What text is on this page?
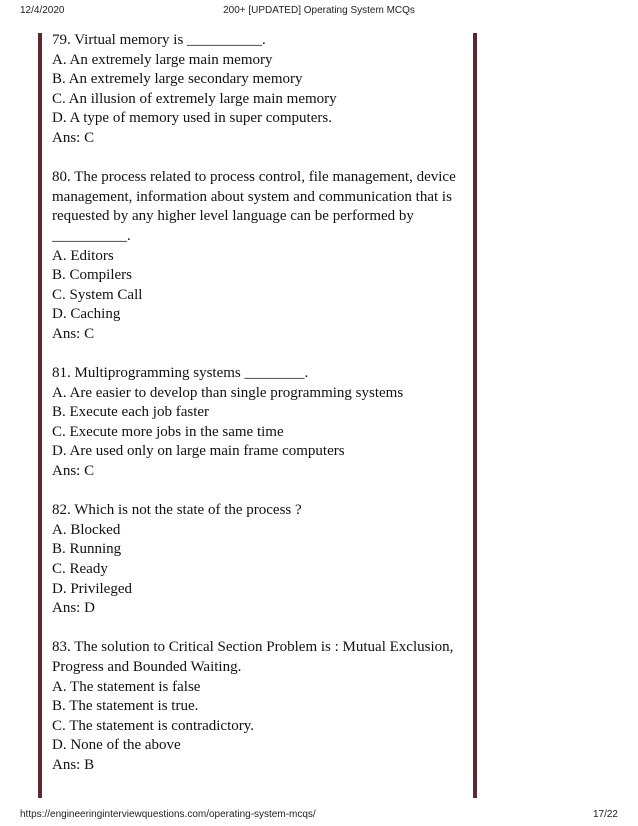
12/4/2020	200+ [UPDATED] Operating System MCQs

79. Virtual memory is __________.

A. An extremely large main memory

B. An extremely large secondary memory

C. An illusion of extremely large main memory

D. A type of memory used in super computers.

Ans: C

80. The process related to process control, file management, device management, information about system and communication that is requested by any higher level language can be performed by __________.

A. Editors

B. Compilers

C. System Call

D. Caching

Ans: C

81. Multiprogramming systems ________.

A. Are easier to develop than single programming systems

B. Execute each job faster

C. Execute more jobs in the same time

D. Are used only on large main frame computers

Ans: C

82. Which is not the state of the process ?

A. Blocked

B. Running

C. Ready

D. Privileged

Ans: D

83. The solution to Critical Section Problem is : Mutual Exclusion, Progress and Bounded Waiting.

A. The statement is false

B. The statement is true.

C. The statement is contradictory.

D. None of the above

Ans: B

https://engineeringinterviewquestions.com/operating-system-mcqs/	17/22
